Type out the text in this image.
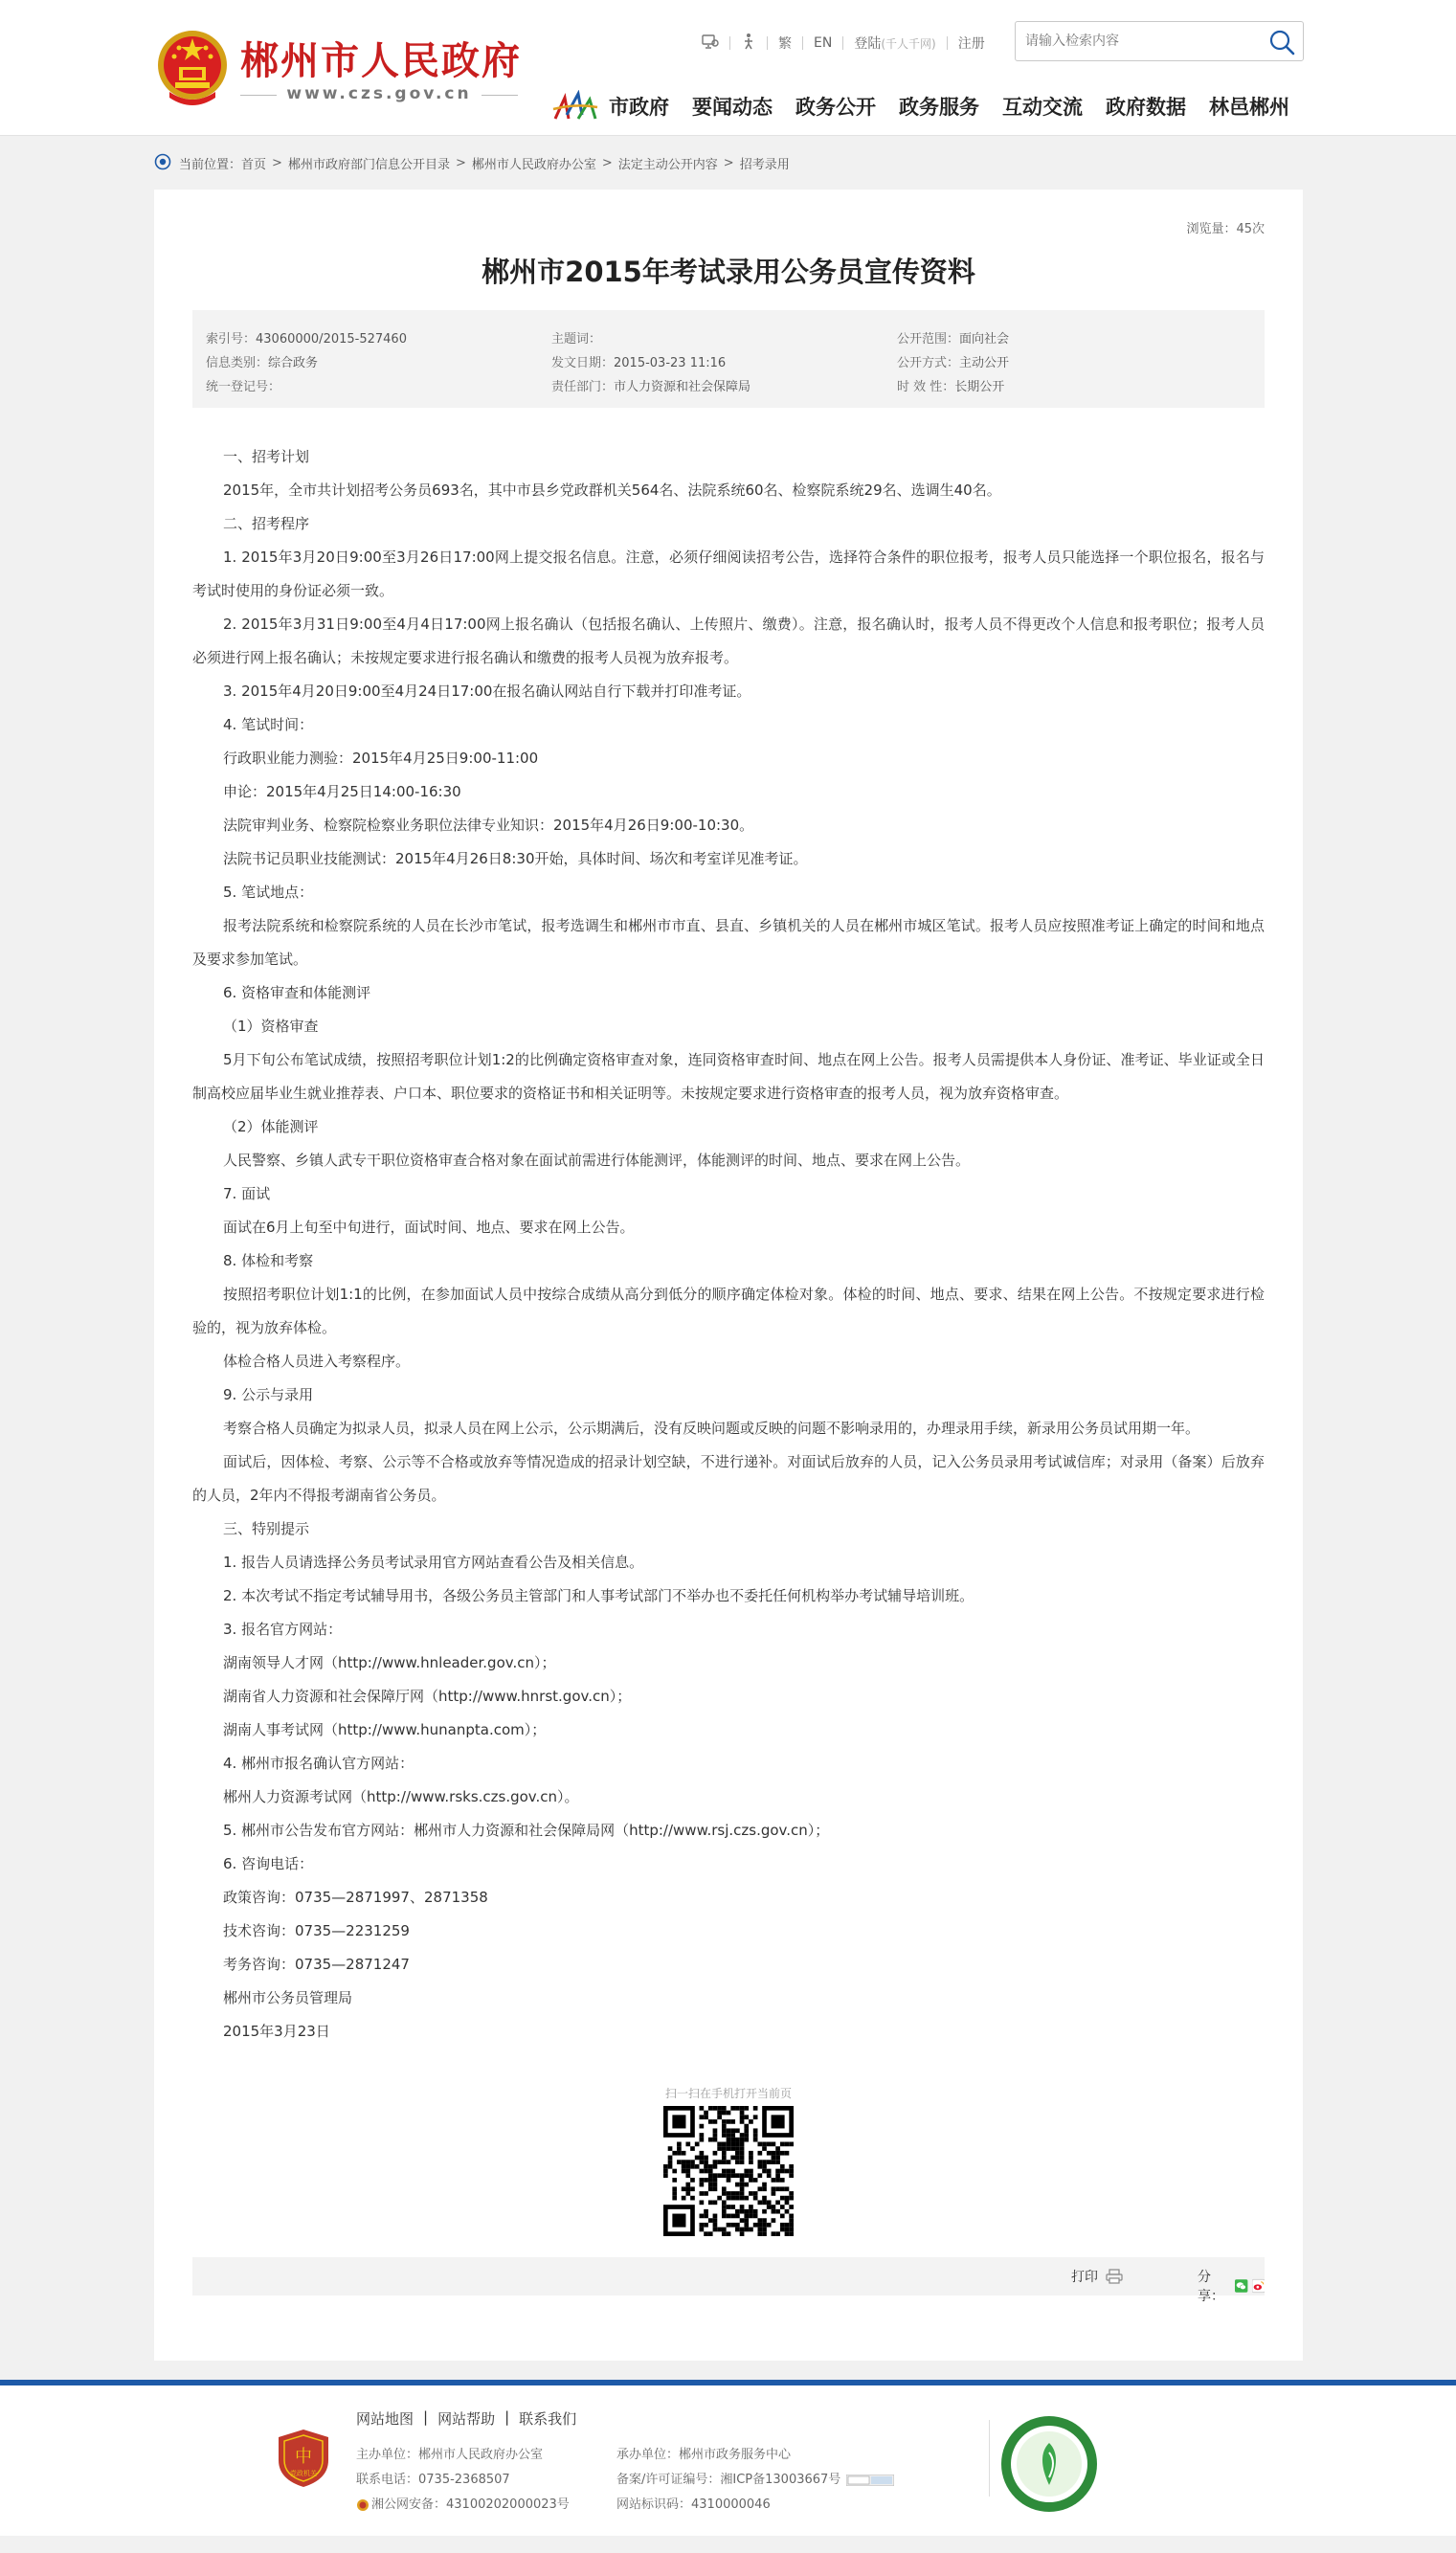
郴州市人民政府
www.czs.gov.cn
繁	EN	登陆(千人千网)	注册
请输入检索内容
市政府 要闻动态 政务公开 政务服务 互动交流 政府数据 林邑郴州
当前位置： 首页 > 郴州市政府部门信息公开目录 > 郴州市人民政府办公室 > 法定主动公开内容 > 招考录用
浏览量：45次
郴州市2015年考试录用公务员宣传资料
索引号：43060000/2015-527460	主题词：	公开范围：面向社会
信息类别：综合政务	发文日期：2015-03-23 11:16	公开方式：主动公开
统一登记号：	责任部门：市人力资源和社会保障局	时 效 性：长期公开

一、招考计划

2015年，全市共计划招考公务员693名，其中市县乡党政群机关564名、法院系统60名、检察院系统29名、选调生40名。

二、招考程序

1. 2015年3月20日9:00至3月26日17:00网上提交报名信息。注意，必须仔细阅读招考公告，选择符合条件的职位报考，报考人员只能选择一个职位报名，报名与考试时使用的身份证必须一致。

2. 2015年3月31日9:00至4月4日17:00网上报名确认（包括报名确认、上传照片、缴费）。注意，报名确认时，报考人员不得更改个人信息和报考职位；报考人员必须进行网上报名确认；未按规定要求进行报名确认和缴费的报考人员视为放弃报考。

3. 2015年4月20日9:00至4月24日17:00在报名确认网站自行下载并打印准考证。

4. 笔试时间：

行政职业能力测验：2015年4月25日9:00-11:00

申论：2015年4月25日14:00-16:30

法院审判业务、检察院检察业务职位法律专业知识：2015年4月26日9:00-10:30。

法院书记员职业技能测试：2015年4月26日8:30开始，具体时间、场次和考室详见准考证。

5. 笔试地点：

报考法院系统和检察院系统的人员在长沙市笔试，报考选调生和郴州市市直、县直、乡镇机关的人员在郴州市城区笔试。报考人员应按照准考证上确定的时间和地点及要求参加笔试。

6. 资格审查和体能测评

（1）资格审查

5月下旬公布笔试成绩，按照招考职位计划1:2的比例确定资格审查对象，连同资格审查时间、地点在网上公告。报考人员需提供本人身份证、准考证、毕业证或全日制高校应届毕业生就业推荐表、户口本、职位要求的资格证书和相关证明等。未按规定要求进行资格审查的报考人员，视为放弃资格审查。

（2）体能测评

人民警察、乡镇人武专干职位资格审查合格对象在面试前需进行体能测评，体能测评的时间、地点、要求在网上公告。

7. 面试

面试在6月上旬至中旬进行，面试时间、地点、要求在网上公告。

8. 体检和考察

按照招考职位计划1:1的比例，在参加面试人员中按综合成绩从高分到低分的顺序确定体检对象。体检的时间、地点、要求、结果在网上公告。不按规定要求进行检验的，视为放弃体检。

体检合格人员进入考察程序。

9. 公示与录用

考察合格人员确定为拟录人员，拟录人员在网上公示，公示期满后，没有反映问题或反映的问题不影响录用的，办理录用手续，新录用公务员试用期一年。

面试后，因体检、考察、公示等不合格或放弃等情况造成的招录计划空缺，不进行递补。对面试后放弃的人员，记入公务员录用考试诚信库；对录用（备案）后放弃的人员，2年内不得报考湖南省公务员。

三、特别提示

1. 报告人员请选择公务员考试录用官方网站查看公告及相关信息。

2. 本次考试不指定考试辅导用书，各级公务员主管部门和人事考试部门不举办也不委托任何机构举办考试辅导培训班。

3. 报名官方网站：

湖南领导人才网（http://www.hnleader.gov.cn）；

湖南省人力资源和社会保障厅网（http://www.hnrst.gov.cn）；

湖南人事考试网（http://www.hunanpta.com）；

4. 郴州市报名确认官方网站：

郴州人力资源考试网（http://www.rsks.czs.gov.cn）。

5. 郴州市公告发布官方网站：郴州市人力资源和社会保障局网（http://www.rsj.czs.gov.cn）；

6. 咨询电话：

政策咨询：0735—2871997、2871358

技术咨询：0735—2231259

考务咨询：0735—2871247

郴州市公务员管理局

2015年3月23日

扫一扫在手机打开当前页
打印	分享：
中
党政机关
网站地图 | 网站帮助 | 联系我们
主办单位：郴州市人民政府办公室	承办单位：郴州市政务服务中心
联系电话：0735-2368507	备案/许可证编号：湘ICP备13003667号
湘公网安备：43100202000023号	网站标识码：4310000046
